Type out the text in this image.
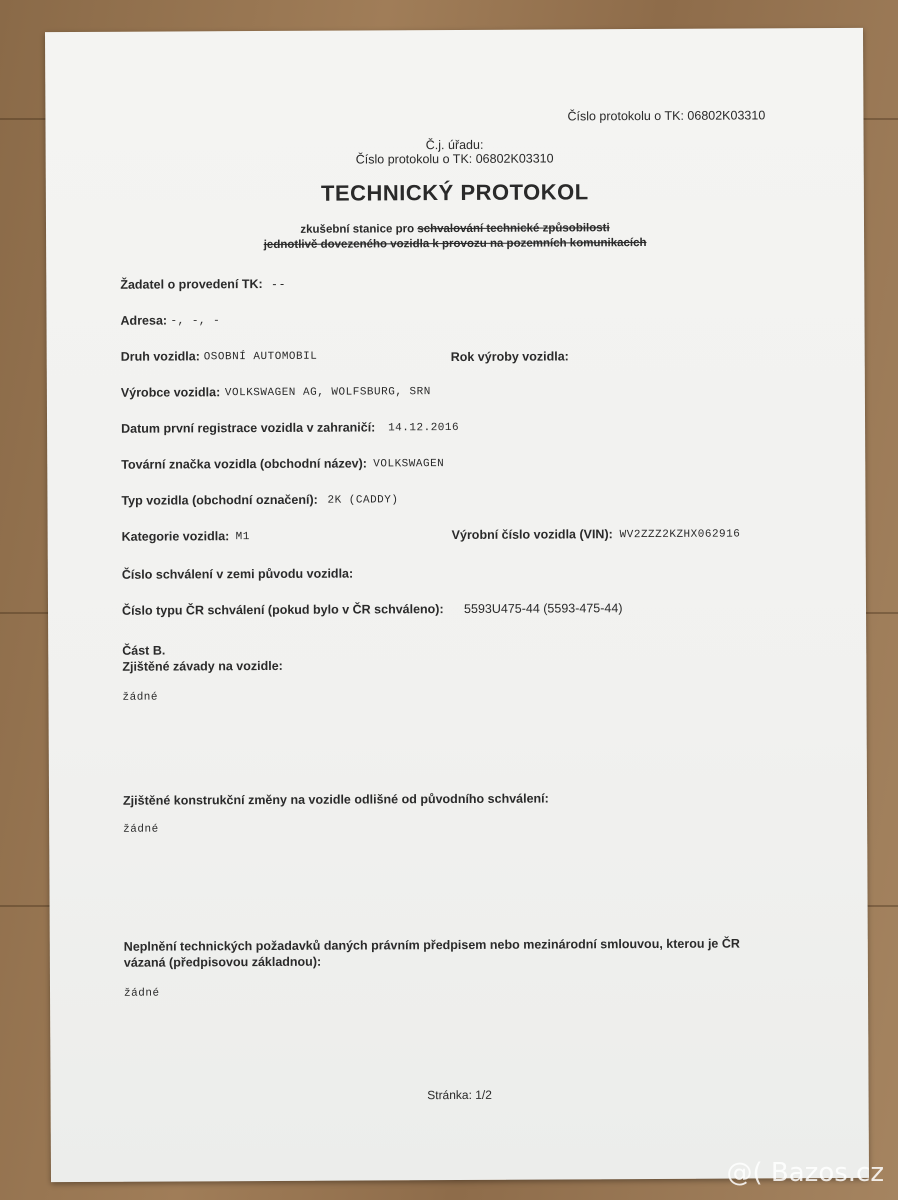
Číslo protokolu o TK: 06802K03310
Č.j. úřadu:
Číslo protokolu o TK: 06802K03310
TECHNICKÝ PROTOKOL
zkušební stanice pro schvalování technické způsobilosti
jednotlivě dovezeného vozidla k provozu na pozemních komunikacích
Žadatel o provedení TK: - -
Adresa: -, -, -
Druh vozidla: OSOBNÍ AUTOMOBIL	Rok výroby vozidla:
Výrobce vozidla: VOLKSWAGEN AG, WOLFSBURG, SRN
Datum první registrace vozidla v zahraničí: 14.12.2016
Tovární značka vozidla (obchodní název): VOLKSWAGEN
Typ vozidla (obchodní označení): 2K (CADDY)
Kategorie vozidla: M1	Výrobní číslo vozidla (VIN): WV2ZZZ2KZHX062916
Číslo schválení v zemi původu vozidla:
Číslo typu ČR schválení (pokud bylo v ČR schváleno): 5593U475-44 (5593-475-44)
Část B.
Zjištěné závady na vozidle:
žádné
Zjištěné konstrukční změny na vozidle odlišné od původního schválení:
žádné
Neplnění technických požadavků daných právním předpisem nebo mezinárodní smlouvou, kterou je ČR
vázaná (předpisovou základnou):
žádné
Stránka: 1/2
@( Bazos.cz
